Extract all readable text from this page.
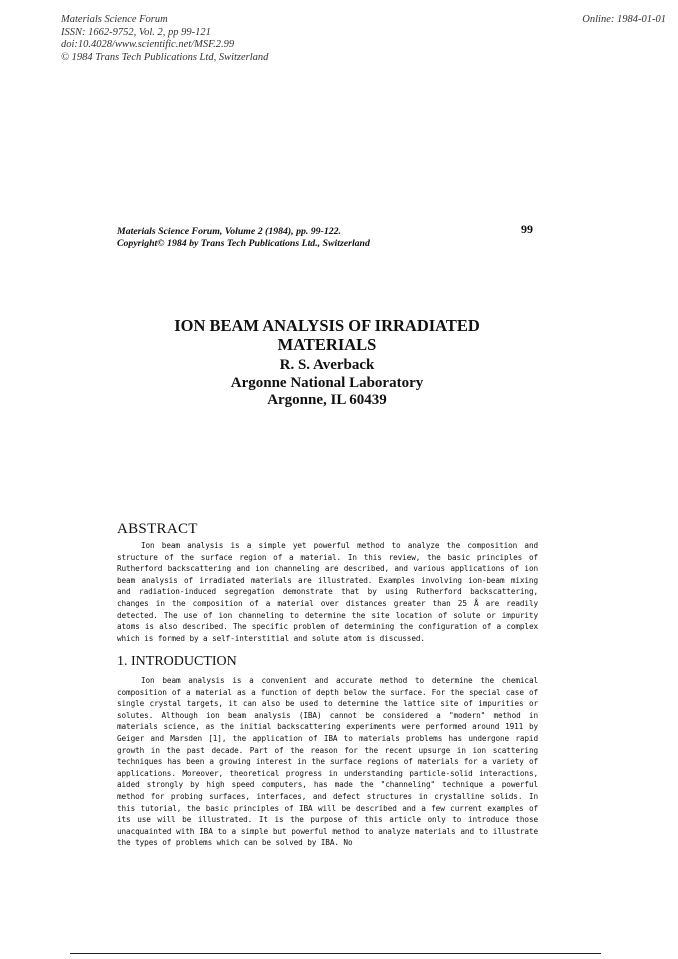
Materials Science Forum
ISSN: 1662-9752, Vol. 2, pp 99-121
doi:10.4028/www.scientific.net/MSF.2.99
© 1984 Trans Tech Publications Ltd, Switzerland
Online: 1984-01-01
Materials Science Forum, Volume 2 (1984), pp. 99-122.
Copyright© 1984 by Trans Tech Publications Ltd., Switzerland
99
ION BEAM ANALYSIS OF IRRADIATED
MATERIALS
R. S. Averback
Argonne National Laboratory
Argonne, IL 60439
ABSTRACT

Ion beam analysis is a simple yet powerful method to analyze the composition and structure of the surface region of a material. In this review, the basic principles of Rutherford backscattering and ion channeling are described, and various applications of ion beam analysis of irradiated materials are illustrated. Examples involving ion-beam mixing and radiation-induced segregation demonstrate that by using Rutherford backscattering, changes in the composition of a material over distances greater than 25 Å are readily detected. The use of ion channeling to determine the site location of solute or impurity atoms is also described. The specific problem of determining the configuration of a complex which is formed by a self-interstitial and solute atom is discussed.

1. INTRODUCTION

Ion beam analysis is a convenient and accurate method to determine the chemical composition of a material as a function of depth below the surface. For the special case of single crystal targets, it can also be used to determine the lattice site of impurities or solutes. Although ion beam analysis (IBA) cannot be considered a "modern" method in materials science, as the initial backscattering experiments were performed around 1911 by Geiger and Marsden [1], the application of IBA to materials problems has undergone rapid growth in the past decade. Part of the reason for the recent upsurge in ion scattering techniques has been a growing interest in the surface regions of materials for a variety of applications. Moreover, theoretical progress in understanding particle-solid interactions, aided strongly by high speed computers, has made the "channeling" technique a powerful method for probing surfaces, interfaces, and defect structures in crystalline solids. In this tutorial, the basic principles of IBA will be described and a few current examples of its use will be illustrated. It is the purpose of this article only to introduce those unacquainted with IBA to a simple but powerful method to analyze materials and to illustrate the types of problems which can be solved by IBA. No
